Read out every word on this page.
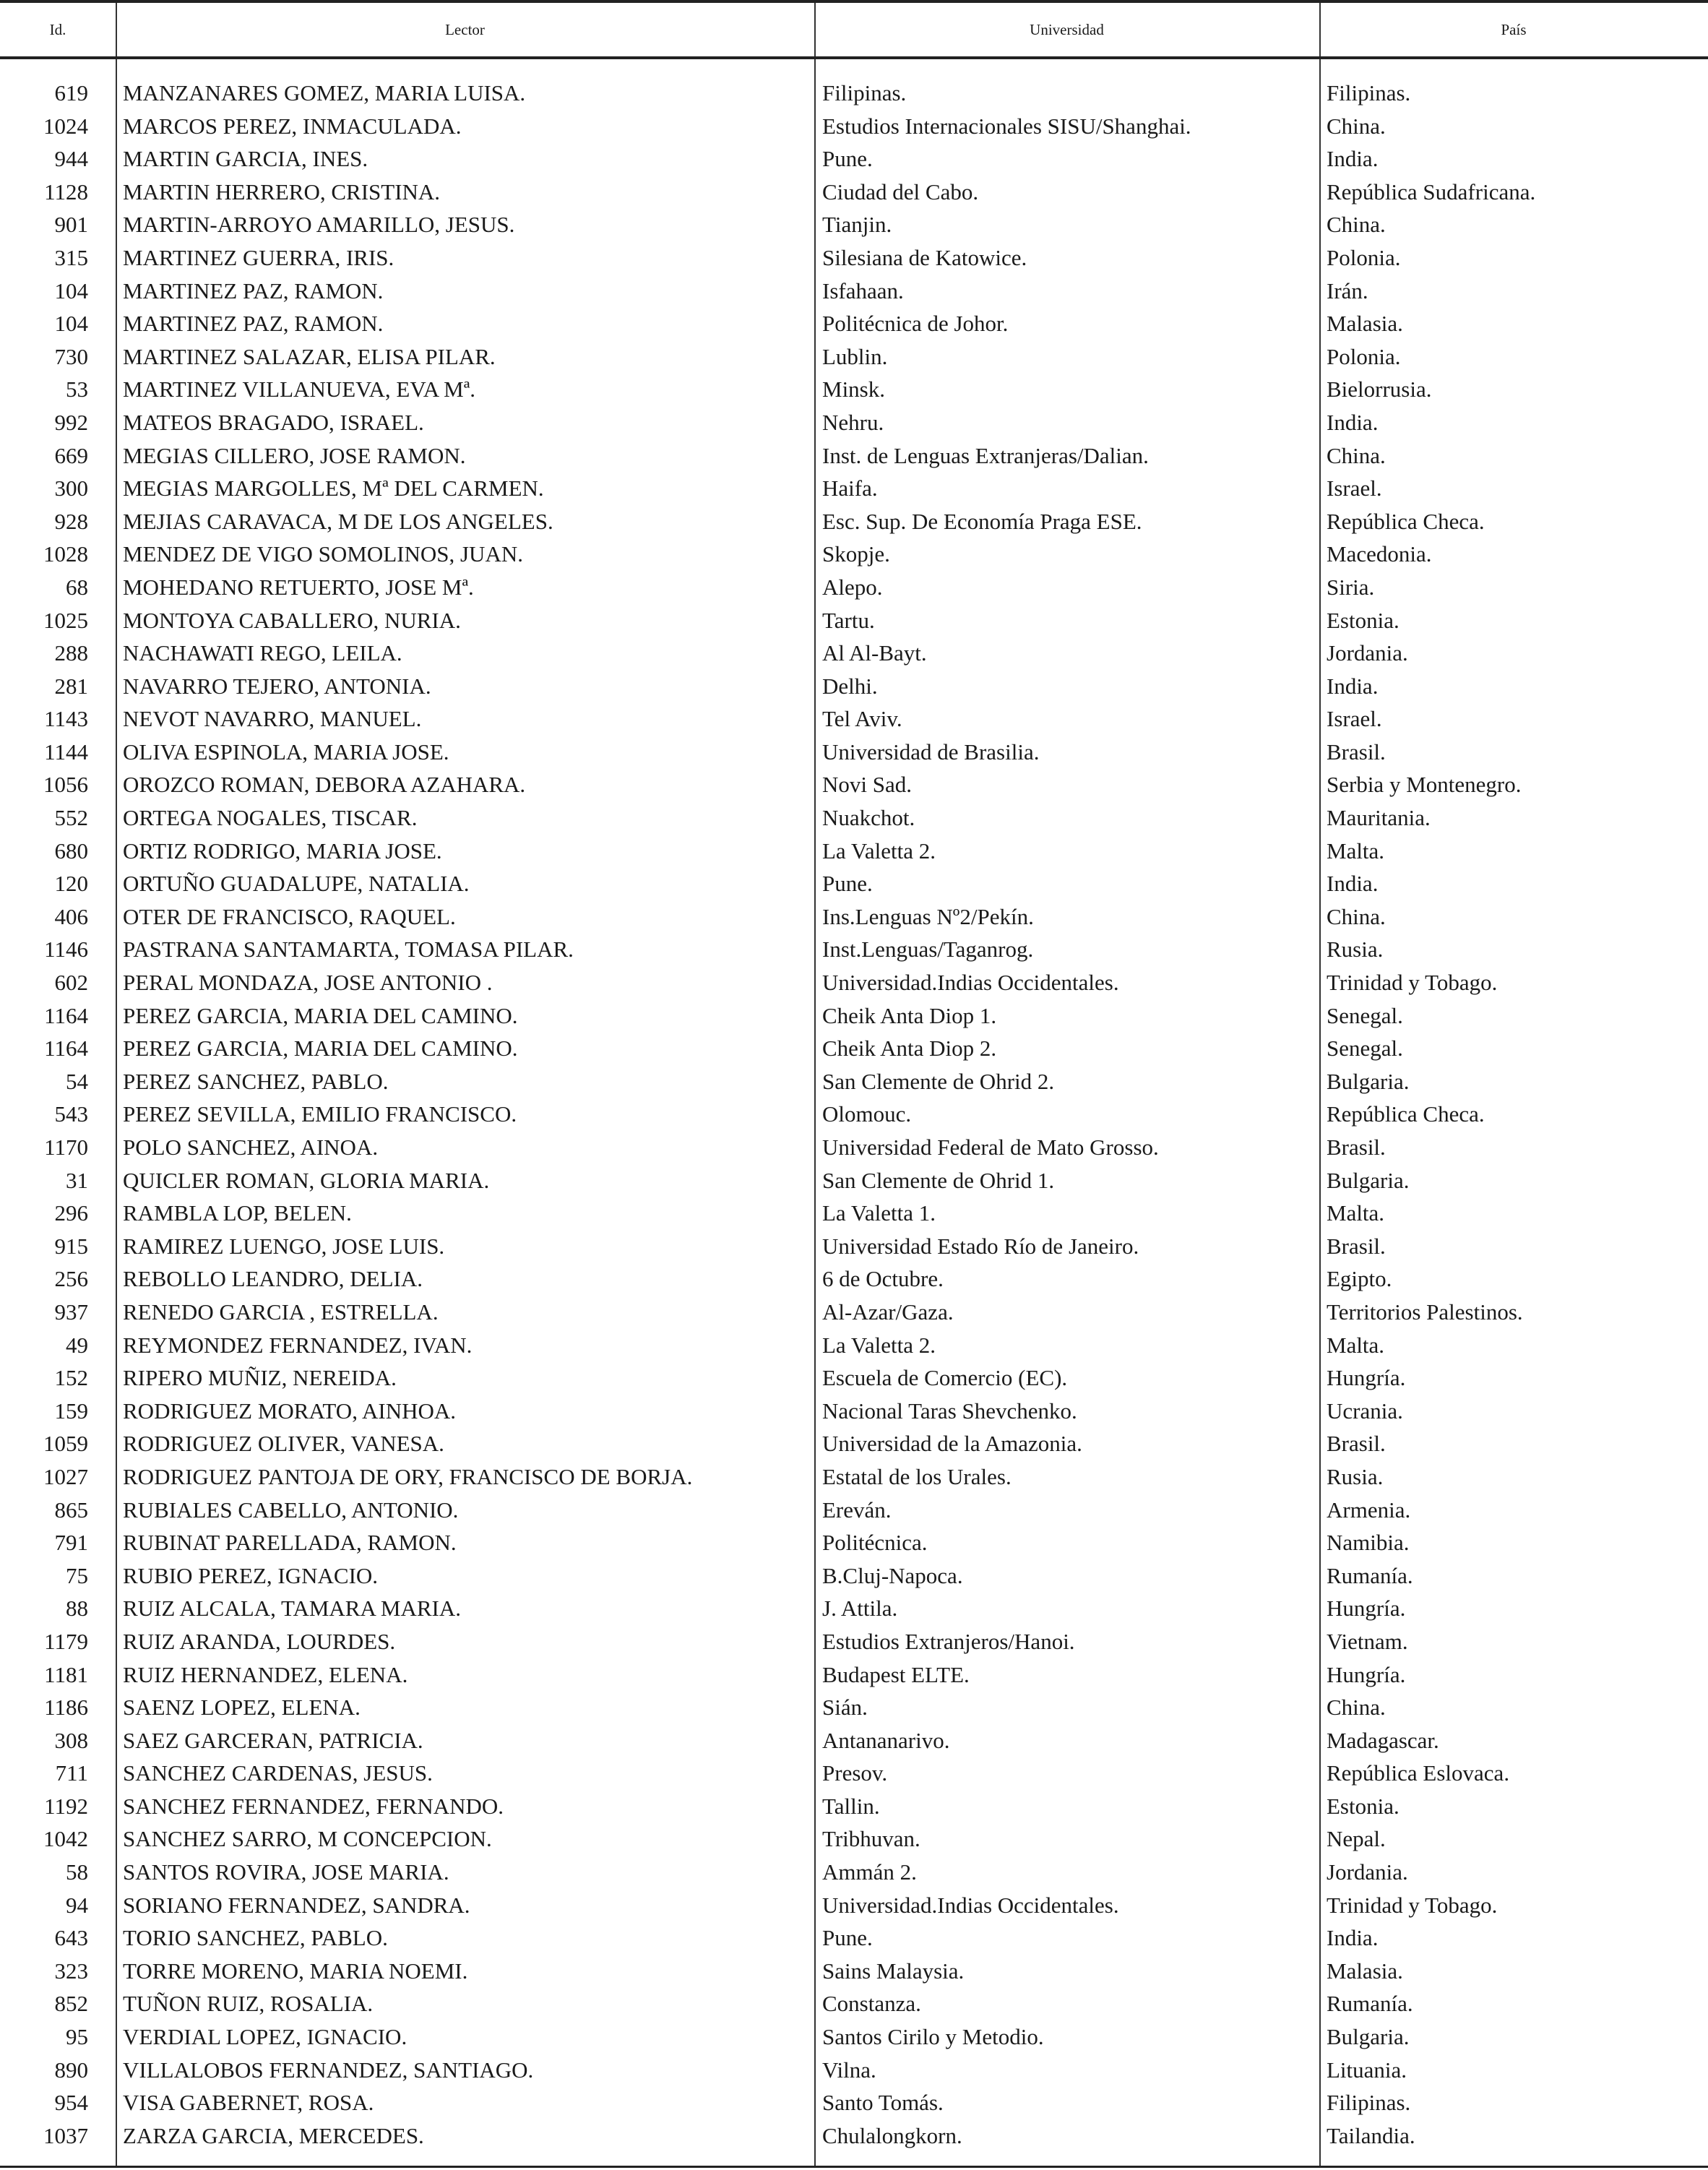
Id.	Lector	Universidad	País
619 MANZANARES GOMEZ, MARIA LUISA.	Filipinas.	Filipinas.
1024 MARCOS PEREZ, INMACULADA.	Estudios Internacionales SISU/Shanghai.	China.
944 MARTIN GARCIA, INES.	Pune.	India.
1128 MARTIN HERRERO, CRISTINA.	Ciudad del Cabo.	República Sudafricana.
901 MARTIN-ARROYO AMARILLO, JESUS.	Tianjin.	China.
315 MARTINEZ GUERRA, IRIS.	Silesiana de Katowice.	Polonia.
104 MARTINEZ PAZ, RAMON.	Isfahaan.	Irán.
104 MARTINEZ PAZ, RAMON.	Politécnica de Johor.	Malasia.
730 MARTINEZ SALAZAR, ELISA PILAR.	Lublin.	Polonia.
53 MARTINEZ VILLANUEVA, EVA Mª.	Minsk.	Bielorrusia.
992 MATEOS BRAGADO, ISRAEL.	Nehru.	India.
669 MEGIAS CILLERO, JOSE RAMON.	Inst. de Lenguas Extranjeras/Dalian.	China.
300 MEGIAS MARGOLLES, Mª DEL CARMEN.	Haifa.	Israel.
928 MEJIAS CARAVACA, M DE LOS ANGELES.	Esc. Sup. De Economía Praga ESE.	República Checa.
1028 MENDEZ DE VIGO SOMOLINOS, JUAN.	Skopje.	Macedonia.
68 MOHEDANO RETUERTO, JOSE Mª.	Alepo.	Siria.
1025 MONTOYA CABALLERO, NURIA.	Tartu.	Estonia.
288 NACHAWATI REGO, LEILA.	Al Al-Bayt.	Jordania.
281 NAVARRO TEJERO, ANTONIA.	Delhi.	India.
1143 NEVOT NAVARRO, MANUEL.	Tel Aviv.	Israel.
1144 OLIVA ESPINOLA, MARIA JOSE.	Universidad de Brasilia.	Brasil.
1056 OROZCO ROMAN, DEBORA AZAHARA.	Novi Sad.	Serbia y Montenegro.
552 ORTEGA NOGALES, TISCAR.	Nuakchot.	Mauritania.
680 ORTIZ RODRIGO, MARIA JOSE.	La Valetta 2.	Malta.
120 ORTUÑO GUADALUPE, NATALIA.	Pune.	India.
406 OTER DE FRANCISCO, RAQUEL.	Ins.Lenguas Nº2/Pekín.	China.
1146 PASTRANA SANTAMARTA, TOMASA PILAR.	Inst.Lenguas/Taganrog.	Rusia.
602 PERAL MONDAZA, JOSE ANTONIO .	Universidad.Indias Occidentales.	Trinidad y Tobago.
1164 PEREZ GARCIA, MARIA DEL CAMINO.	Cheik Anta Diop 1.	Senegal.
1164 PEREZ GARCIA, MARIA DEL CAMINO.	Cheik Anta Diop 2.	Senegal.
54 PEREZ SANCHEZ, PABLO.	San Clemente de Ohrid 2.	Bulgaria.
543 PEREZ SEVILLA, EMILIO FRANCISCO.	Olomouc.	República Checa.
1170 POLO SANCHEZ, AINOA.	Universidad Federal de Mato Grosso.	Brasil.
31 QUICLER ROMAN, GLORIA MARIA.	San Clemente de Ohrid 1.	Bulgaria.
296 RAMBLA LOP, BELEN.	La Valetta 1.	Malta.
915 RAMIREZ LUENGO, JOSE LUIS.	Universidad Estado Río de Janeiro.	Brasil.
256 REBOLLO LEANDRO, DELIA.	6 de Octubre.	Egipto.
937 RENEDO GARCIA , ESTRELLA.	Al-Azar/Gaza.	Territorios Palestinos.
49 REYMONDEZ FERNANDEZ, IVAN.	La Valetta 2.	Malta.
152 RIPERO MUÑIZ, NEREIDA.	Escuela de Comercio (EC).	Hungría.
159 RODRIGUEZ MORATO, AINHOA.	Nacional Taras Shevchenko.	Ucrania.
1059 RODRIGUEZ OLIVER, VANESA.	Universidad de la Amazonia.	Brasil.
1027 RODRIGUEZ PANTOJA DE ORY, FRANCISCO DE BORJA.	Estatal de los Urales.	Rusia.
865 RUBIALES CABELLO, ANTONIO.	Ereván.	Armenia.
791 RUBINAT PARELLADA, RAMON.	Politécnica.	Namibia.
75 RUBIO PEREZ, IGNACIO.	B.Cluj-Napoca.	Rumanía.
88 RUIZ ALCALA, TAMARA MARIA.	J. Attila.	Hungría.
1179 RUIZ ARANDA, LOURDES.	Estudios Extranjeros/Hanoi.	Vietnam.
1181 RUIZ HERNANDEZ, ELENA.	Budapest ELTE.	Hungría.
1186 SAENZ LOPEZ, ELENA.	Sián.	China.
308 SAEZ GARCERAN, PATRICIA.	Antananarivo.	Madagascar.
711 SANCHEZ CARDENAS, JESUS.	Presov.	República Eslovaca.
1192 SANCHEZ FERNANDEZ, FERNANDO.	Tallin.	Estonia.
1042 SANCHEZ SARRO, M CONCEPCION.	Tribhuvan.	Nepal.
58 SANTOS ROVIRA, JOSE MARIA.	Ammán 2.	Jordania.
94 SORIANO FERNANDEZ, SANDRA.	Universidad.Indias Occidentales.	Trinidad y Tobago.
643 TORIO SANCHEZ, PABLO.	Pune.	India.
323 TORRE MORENO, MARIA NOEMI.	Sains Malaysia.	Malasia.
852 TUÑON RUIZ, ROSALIA.	Constanza.	Rumanía.
95 VERDIAL LOPEZ, IGNACIO.	Santos Cirilo y Metodio.	Bulgaria.
890 VILLALOBOS FERNANDEZ, SANTIAGO.	Vilna.	Lituania.
954 VISA GABERNET, ROSA.	Santo Tomás.	Filipinas.
1037 ZARZA GARCIA, MERCEDES.	Chulalongkorn.	Tailandia.
